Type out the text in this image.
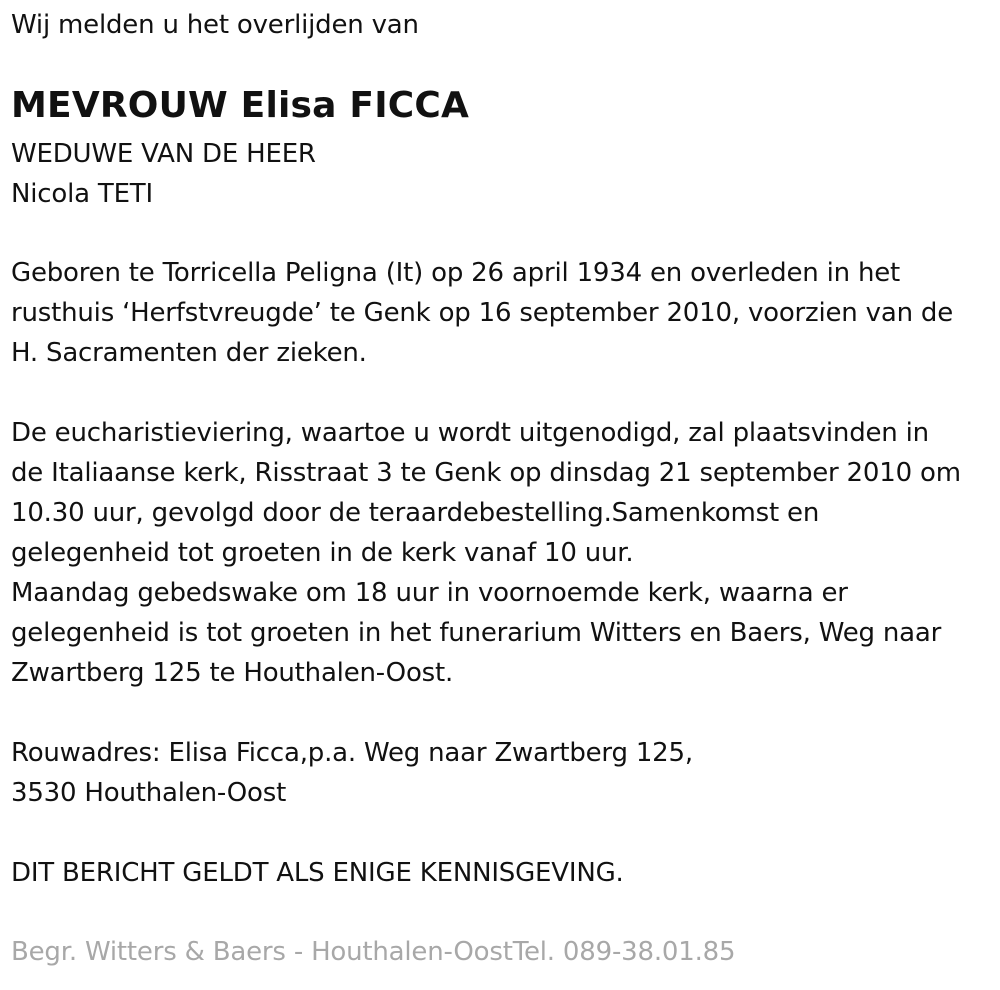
Wij melden u het overlijden van
MEVROUW Elisa FICCA
WEDUWE VAN DE HEER
Nicola TETI
Geboren te Torricella Peligna (It) op 26 april 1934 en overleden in het
rusthuis ‘Herfstvreugde’ te Genk op 16 september 2010, voorzien van de
H. Sacramenten der zieken.
De eucharistieviering, waartoe u wordt uitgenodigd, zal plaatsvinden in
de Italiaanse kerk, Risstraat 3 te Genk op dinsdag 21 september 2010 om
10.30 uur, gevolgd door de teraardebestelling.Samenkomst en
gelegenheid tot groeten in de kerk vanaf 10 uur.
Maandag gebedswake om 18 uur in voornoemde kerk, waarna er
gelegenheid is tot groeten in het funerarium Witters en Baers, Weg naar
Zwartberg 125 te Houthalen-Oost.
Rouwadres: Elisa Ficca,p.a. Weg naar Zwartberg 125,
3530 Houthalen-Oost
DIT BERICHT GELDT ALS ENIGE KENNISGEVING.
Begr. Witters & Baers - Houthalen-OostTel. 089-38.01.85
